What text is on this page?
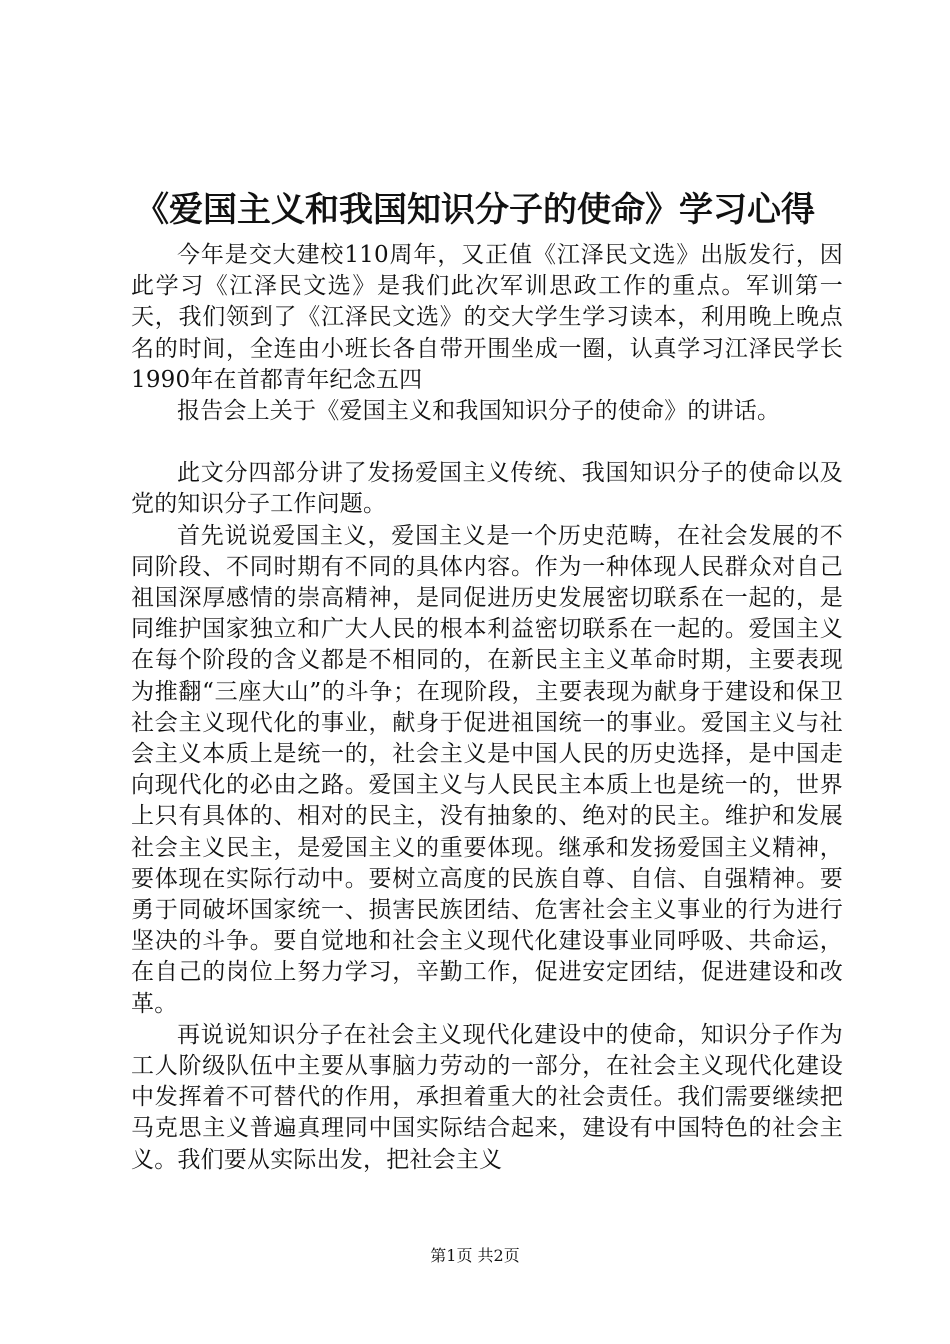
《爱国主义和我国知识分子的使命》学习心得

今年是交大建校110周年，又正值《江泽民文选》出版发行，因此学习《江泽民文选》是我们此次军训思政工作的重点。军训第一天，我们领到了《江泽民文选》的交大学生学习读本，利用晚上晚点名的时间，全连由小班长各自带开围坐成一圈，认真学习江泽民学长1990年在首都青年纪念五四

报告会上关于《爱国主义和我国知识分子的使命》的讲话。

此文分四部分讲了发扬爱国主义传统、我国知识分子的使命以及党的知识分子工作问题。

首先说说爱国主义，爱国主义是一个历史范畴，在社会发展的不同阶段、不同时期有不同的具体内容。作为一种体现人民群众对自己祖国深厚感情的崇高精神，是同促进历史发展密切联系在一起的，是同维护国家独立和广大人民的根本利益密切联系在一起的。爱国主义在每个阶段的含义都是不相同的，在新民主主义革命时期，主要表现为推翻“三座大山”的斗争；在现阶段，主要表现为献身于建设和保卫社会主义现代化的事业，献身于促进祖国统一的事业。爱国主义与社会主义本质上是统一的，社会主义是中国人民的历史选择，是中国走向现代化的必由之路。爱国主义与人民民主本质上也是统一的，世界上只有具体的、相对的民主，没有抽象的、绝对的民主。维护和发展社会主义民主，是爱国主义的重要体现。继承和发扬爱国主义精神，要体现在实际行动中。要树立高度的民族自尊、自信、自强精神。要勇于同破坏国家统一、损害民族团结、危害社会主义事业的行为进行坚决的斗争。要自觉地和社会主义现代化建设事业同呼吸、共命运，在自己的岗位上努力学习，辛勤工作，促进安定团结，促进建设和改革。

再说说知识分子在社会主义现代化建设中的使命，知识分子作为工人阶级队伍中主要从事脑力劳动的一部分，在社会主义现代化建设中发挥着不可替代的作用，承担着重大的社会责任。我们需要继续把马克思主义普遍真理同中国实际结合起来，建设有中国特色的社会主义。我们要从实际出发，把社会主义

第1页 共2页
